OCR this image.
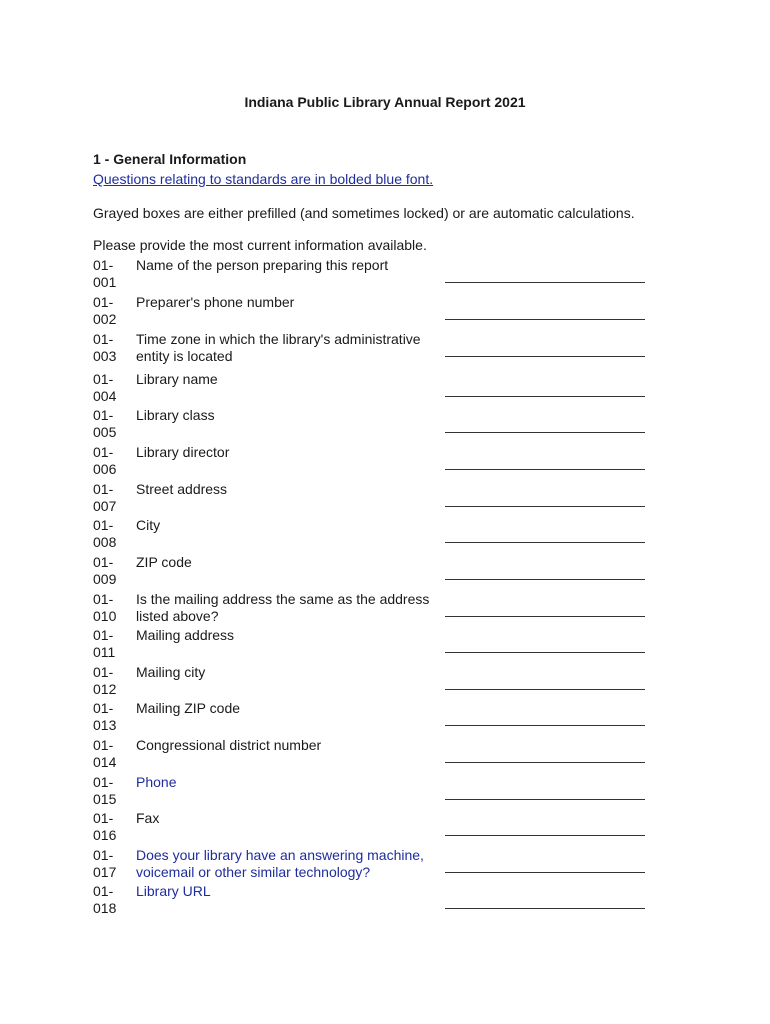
Indiana Public Library Annual Report 2021
1 - General Information
Questions relating to standards are in bolded blue font.
Grayed boxes are either prefilled (and sometimes locked) or are automatic calculations.
Please provide the most current information available.
01-
001
Name of the person preparing this report
01-
002
Preparer's phone number
01-
003
Time zone in which the library's administrative entity is located
01-
004
Library name
01-
005
Library class
01-
006
Library director
01-
007
Street address
01-
008
City
01-
009
ZIP code
01-
010
Is the mailing address the same as the address listed above?
01-
011
Mailing address
01-
012
Mailing city
01-
013
Mailing ZIP code
01-
014
Congressional district number
01-
015
Phone
01-
016
Fax
01-
017
Does your library have an answering machine, voicemail or other similar technology?
01-
018
Library URL
